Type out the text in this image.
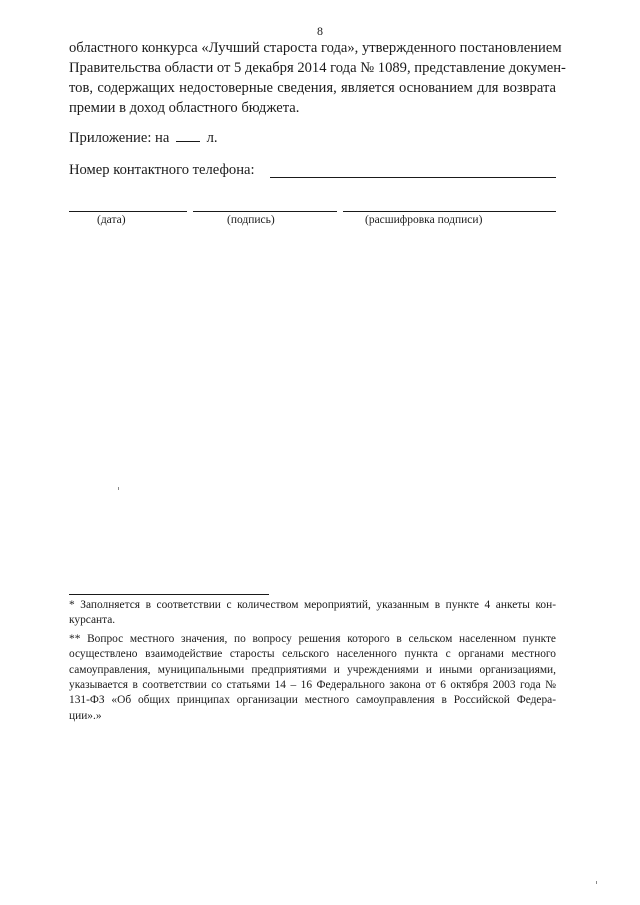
8
областного конкурса «Лучший староста года», утвержденного постановлением
Правительства области от 5 декабря 2014 года № 1089, представление докумен-
тов, содержащих недостоверные сведения, является основанием для возврата
премии в доход областного бюджета.
Приложение: на	л.
Номер контактного телефона:
(дата)	(подпись)	(расшифровка подписи)
* Заполняется в соответствии с количеством мероприятий, указанным в пункте 4 анкеты кон-
курсанта.
** Вопрос местного значения, по вопросу решения которого в сельском населенном пункте
осуществлено взаимодействие старосты сельского населенного пункта с органами местного
самоуправления, муниципальными предприятиями и учреждениями и иными организациями,
указывается в соответствии со статьями 14 – 16 Федерального закона от 6 октября 2003 года №
131-ФЗ «Об общих принципах организации местного самоуправления в Российской Федера-
ции».»
